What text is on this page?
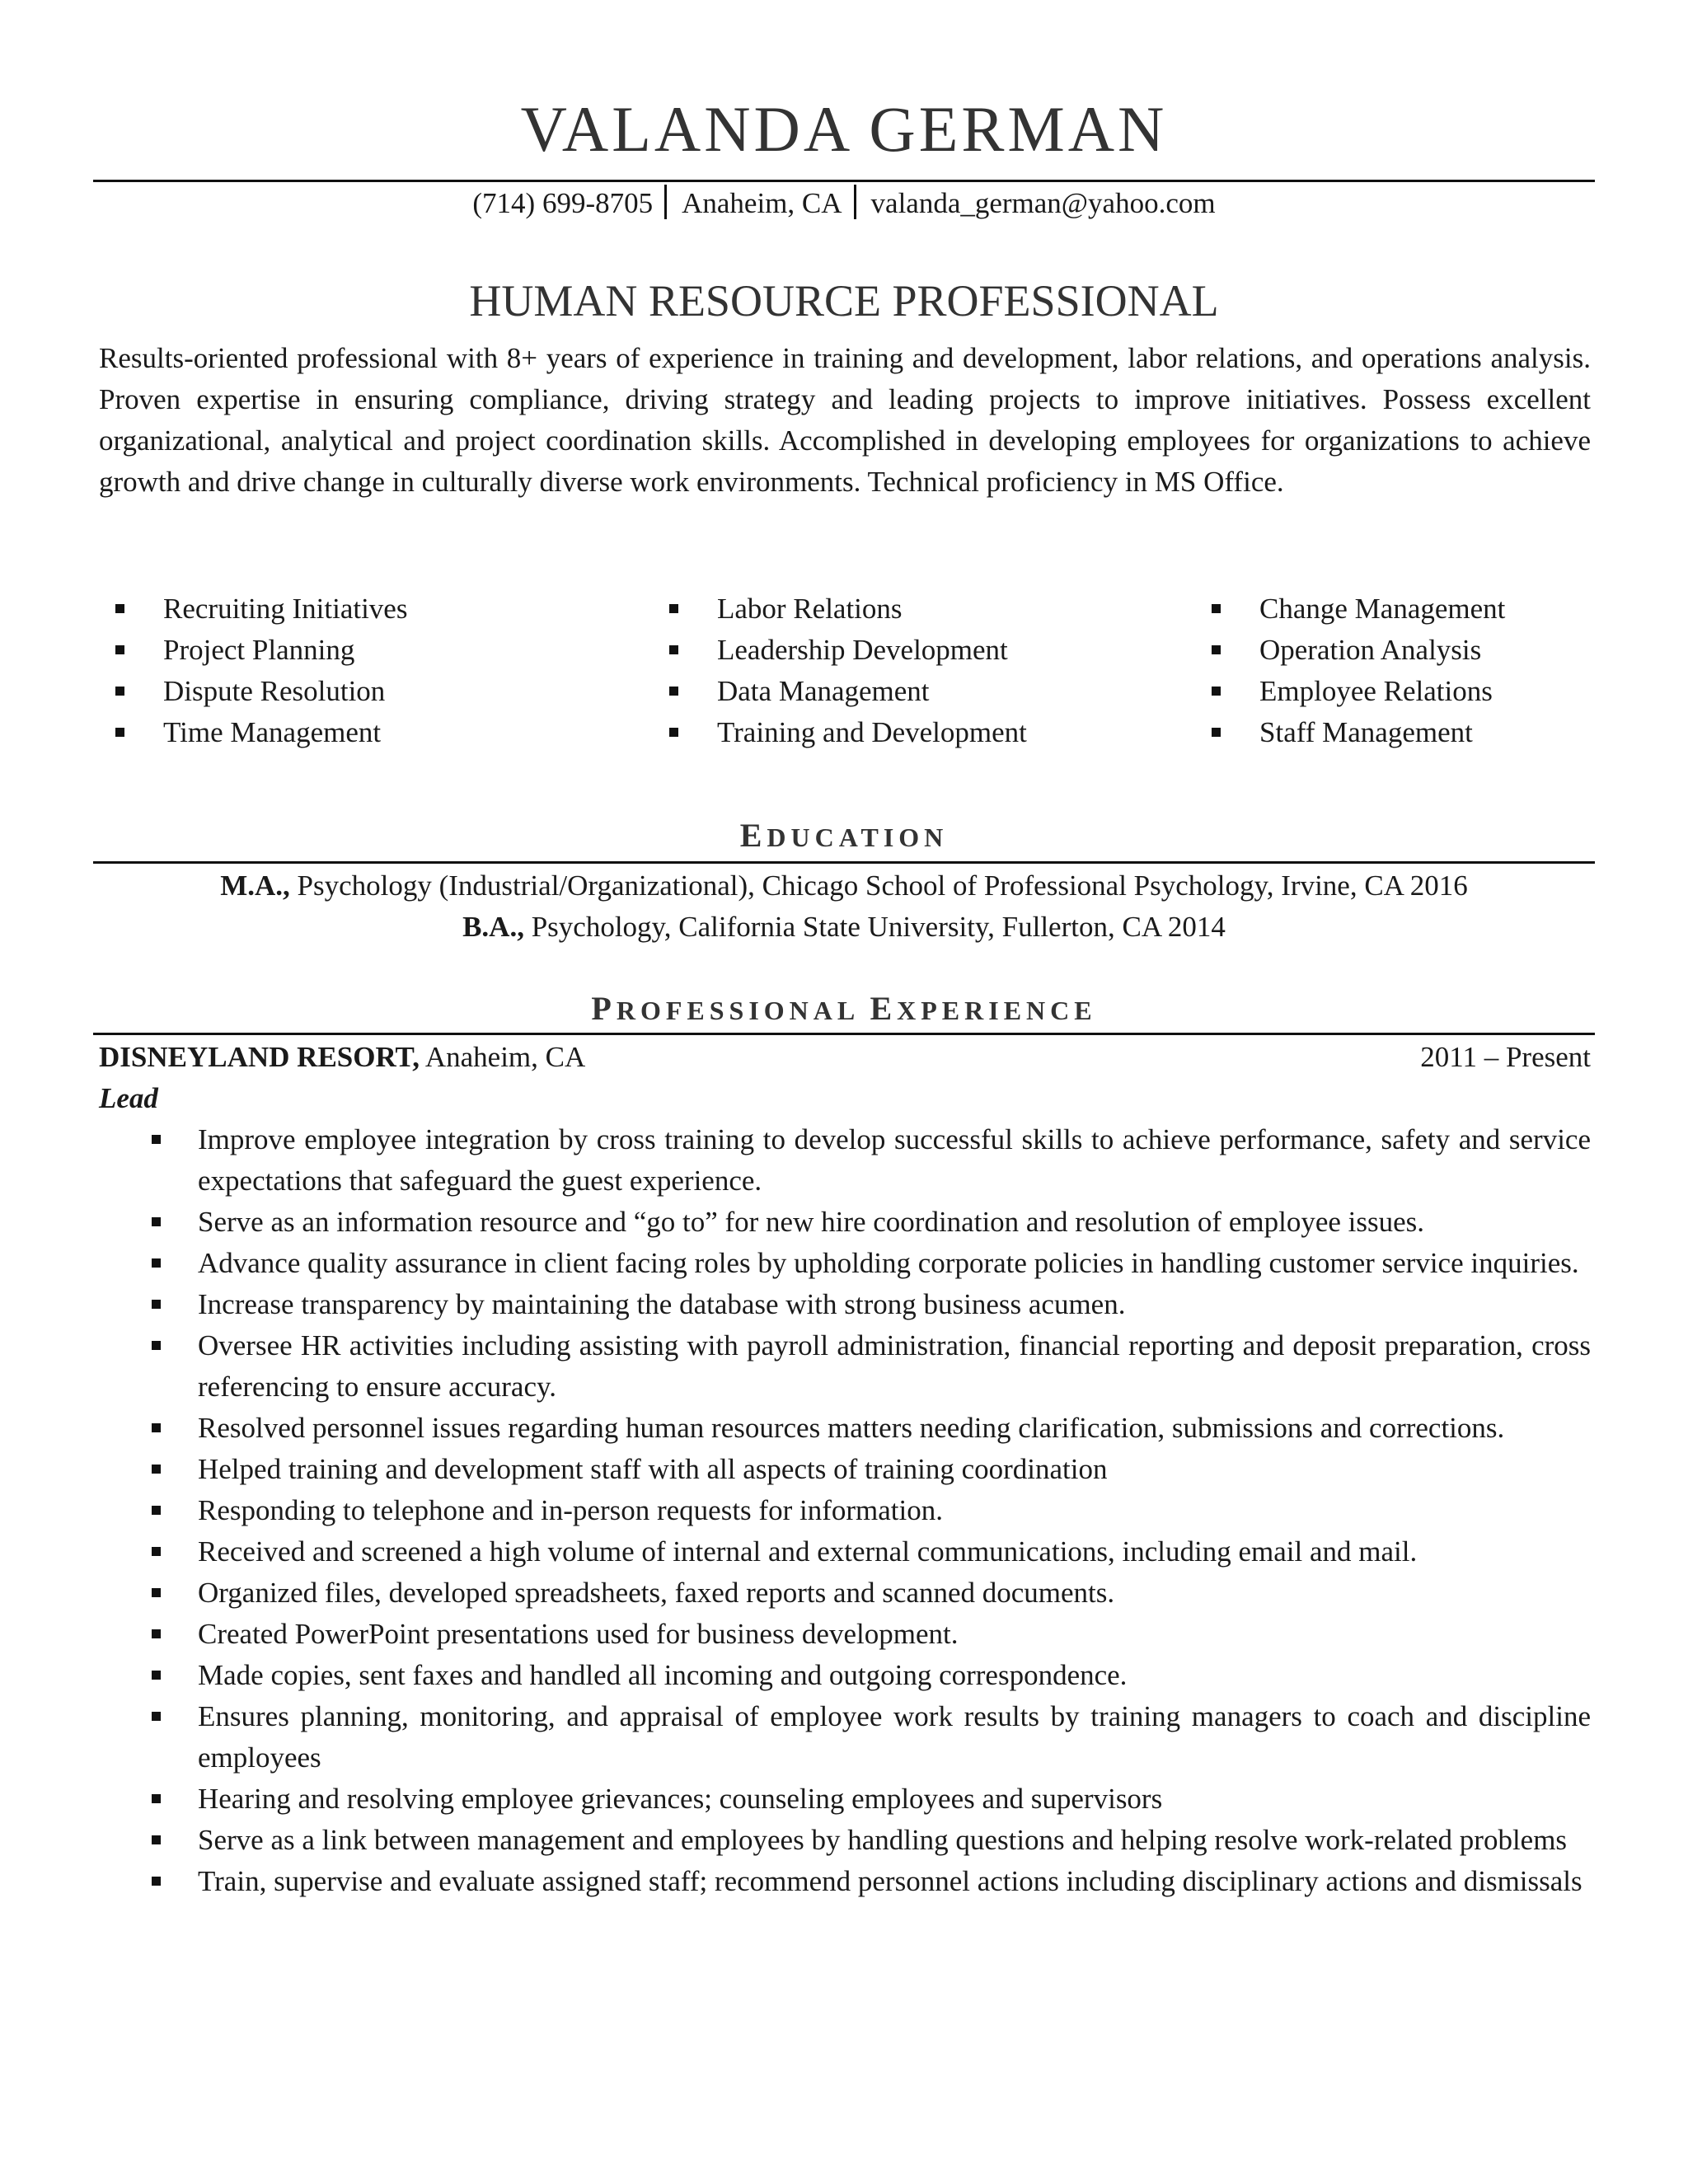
VALANDA GERMAN
(714) 699-8705 Anaheim, CA valanda_german@yahoo.com
HUMAN RESOURCE PROFESSIONAL
Results-oriented professional with 8+ years of experience in training and development, labor relations, and operations analysis. Proven expertise in ensuring compliance, driving strategy and leading projects to improve initiatives. Possess excellent organizational, analytical and project coordination skills. Accomplished in developing employees for organizations to achieve growth and drive change in culturally diverse work environments. Technical proficiency in MS Office.
Recruiting Initiatives
Project Planning
Dispute Resolution
Time Management
Labor Relations
Leadership Development
Data Management
Training and Development
Change Management
Operation Analysis
Employee Relations
Staff Management
EDUCATION
M.A., Psychology (Industrial/Organizational), Chicago School of Professional Psychology, Irvine, CA 2016
B.A., Psychology, California State University, Fullerton, CA 2014
PROFESSIONAL EXPERIENCE
DISNEYLAND RESORT, Anaheim, CA	2011 – Present
Lead
Improve employee integration by cross training to develop successful skills to achieve performance, safety and service expectations that safeguard the guest experience.
Serve as an information resource and “go to” for new hire coordination and resolution of employee issues.
Advance quality assurance in client facing roles by upholding corporate policies in handling customer service inquiries.
Increase transparency by maintaining the database with strong business acumen.
Oversee HR activities including assisting with payroll administration, financial reporting and deposit preparation, cross referencing to ensure accuracy.
Resolved personnel issues regarding human resources matters needing clarification, submissions and corrections.
Helped training and development staff with all aspects of training coordination
Responding to telephone and in-person requests for information.
Received and screened a high volume of internal and external communications, including email and mail.
Organized files, developed spreadsheets, faxed reports and scanned documents.
Created PowerPoint presentations used for business development.
Made copies, sent faxes and handled all incoming and outgoing correspondence.
Ensures planning, monitoring, and appraisal of employee work results by training managers to coach and discipline employees
Hearing and resolving employee grievances; counseling employees and supervisors
Serve as a link between management and employees by handling questions and helping resolve work-related problems
Train, supervise and evaluate assigned staff; recommend personnel actions including disciplinary actions and dismissals
